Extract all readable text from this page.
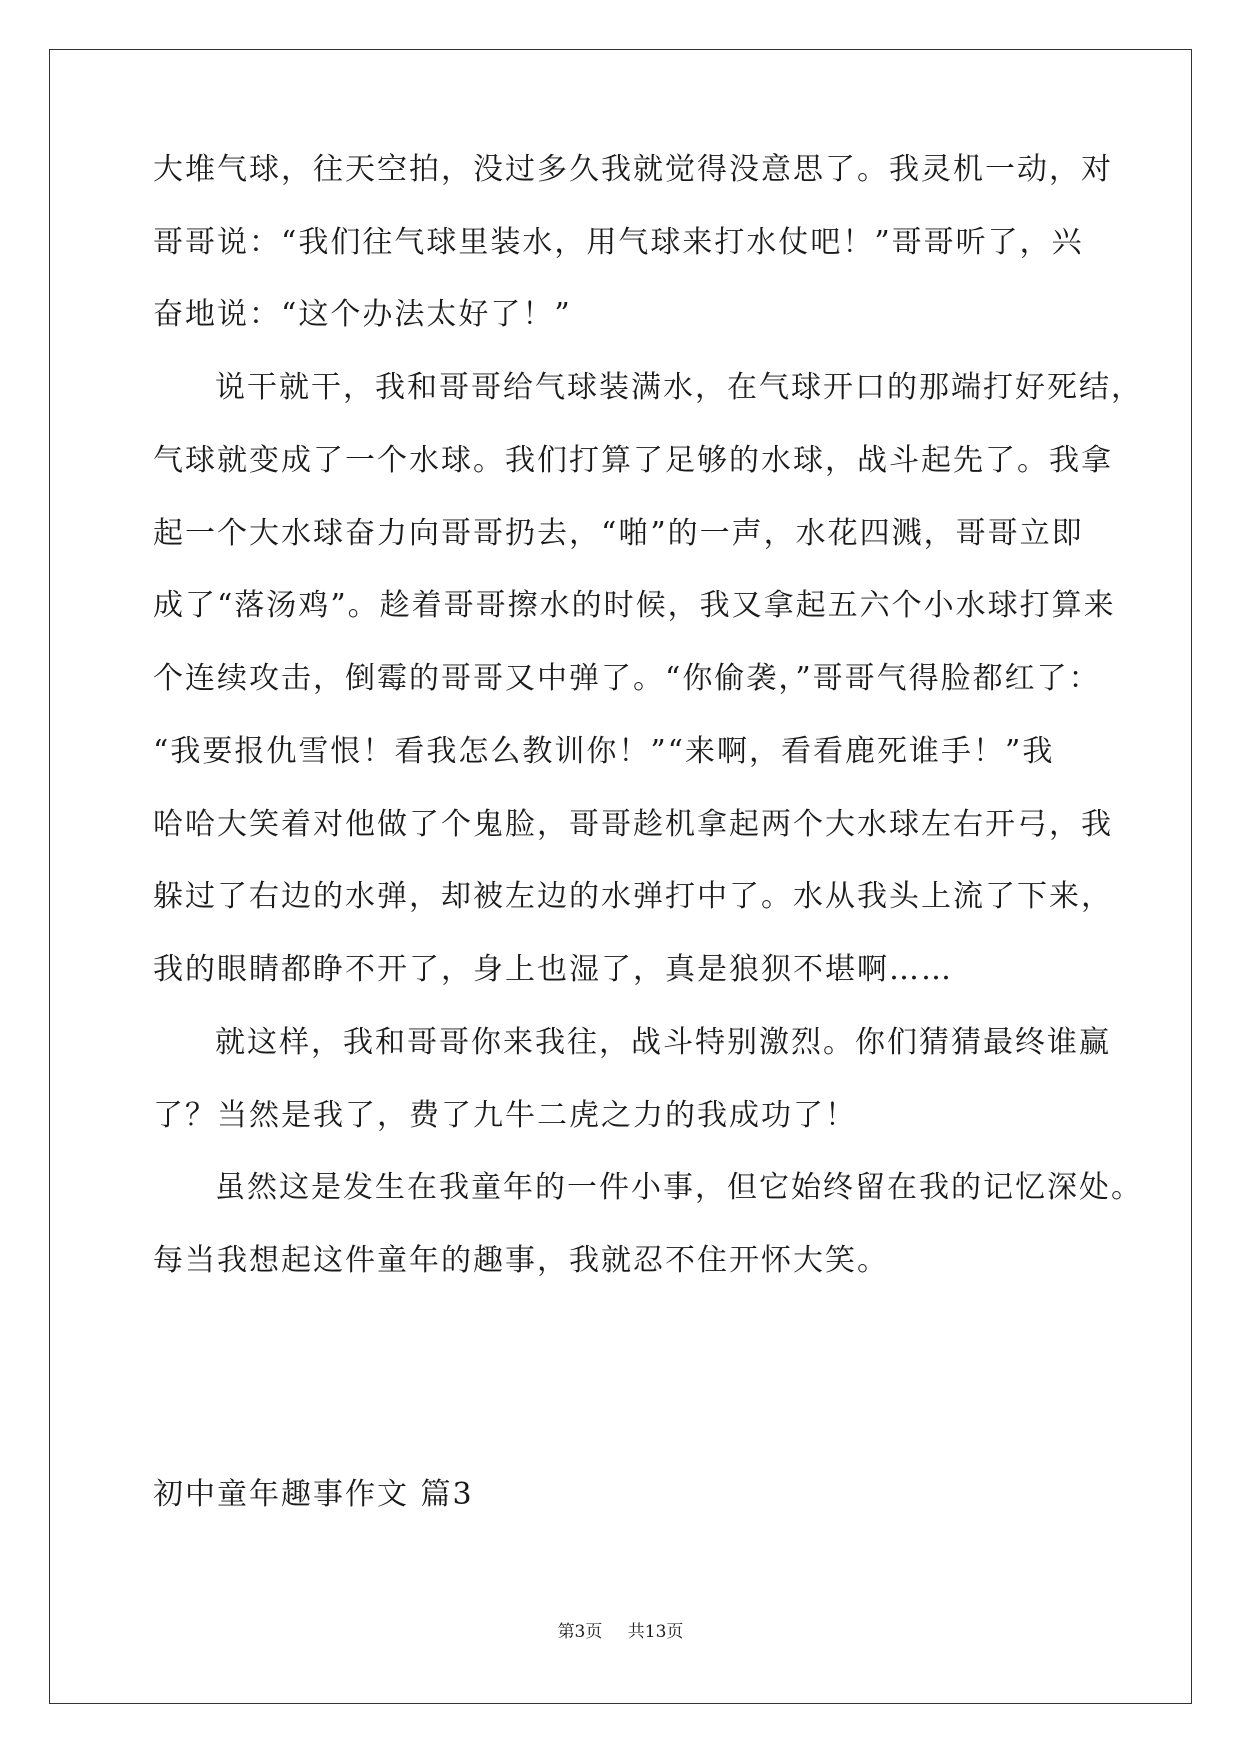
大堆气球，往天空拍，没过多久我就觉得没意思了。我灵机一动，对
哥哥说：“我们往气球里装水，用气球来打水仗吧！”哥哥听了，兴
奋地说：“这个办法太好了！”
说干就干，我和哥哥给气球装满水，在气球开口的那端打好死结，
气球就变成了一个水球。我们打算了足够的水球，战斗起先了。我拿
起一个大水球奋力向哥哥扔去，“啪”的一声，水花四溅，哥哥立即
成了“落汤鸡”。趁着哥哥擦水的时候，我又拿起五六个小水球打算来
个连续攻击，倒霉的哥哥又中弹了。“你偷袭，”哥哥气得脸都红了：
“我要报仇雪恨！看我怎么教训你！”“来啊，看看鹿死谁手！”我
哈哈大笑着对他做了个鬼脸，哥哥趁机拿起两个大水球左右开弓，我
躲过了右边的水弹，却被左边的水弹打中了。水从我头上流了下来，
我的眼睛都睁不开了，身上也湿了，真是狼狈不堪啊……
就这样，我和哥哥你来我往，战斗特别激烈。你们猜猜最终谁赢
了？当然是我了，费了九牛二虎之力的我成功了！
虽然这是发生在我童年的一件小事，但它始终留在我的记忆深处。
每当我想起这件童年的趣事，我就忍不住开怀大笑。
初中童年趣事作文 篇3
第3页 共13页
